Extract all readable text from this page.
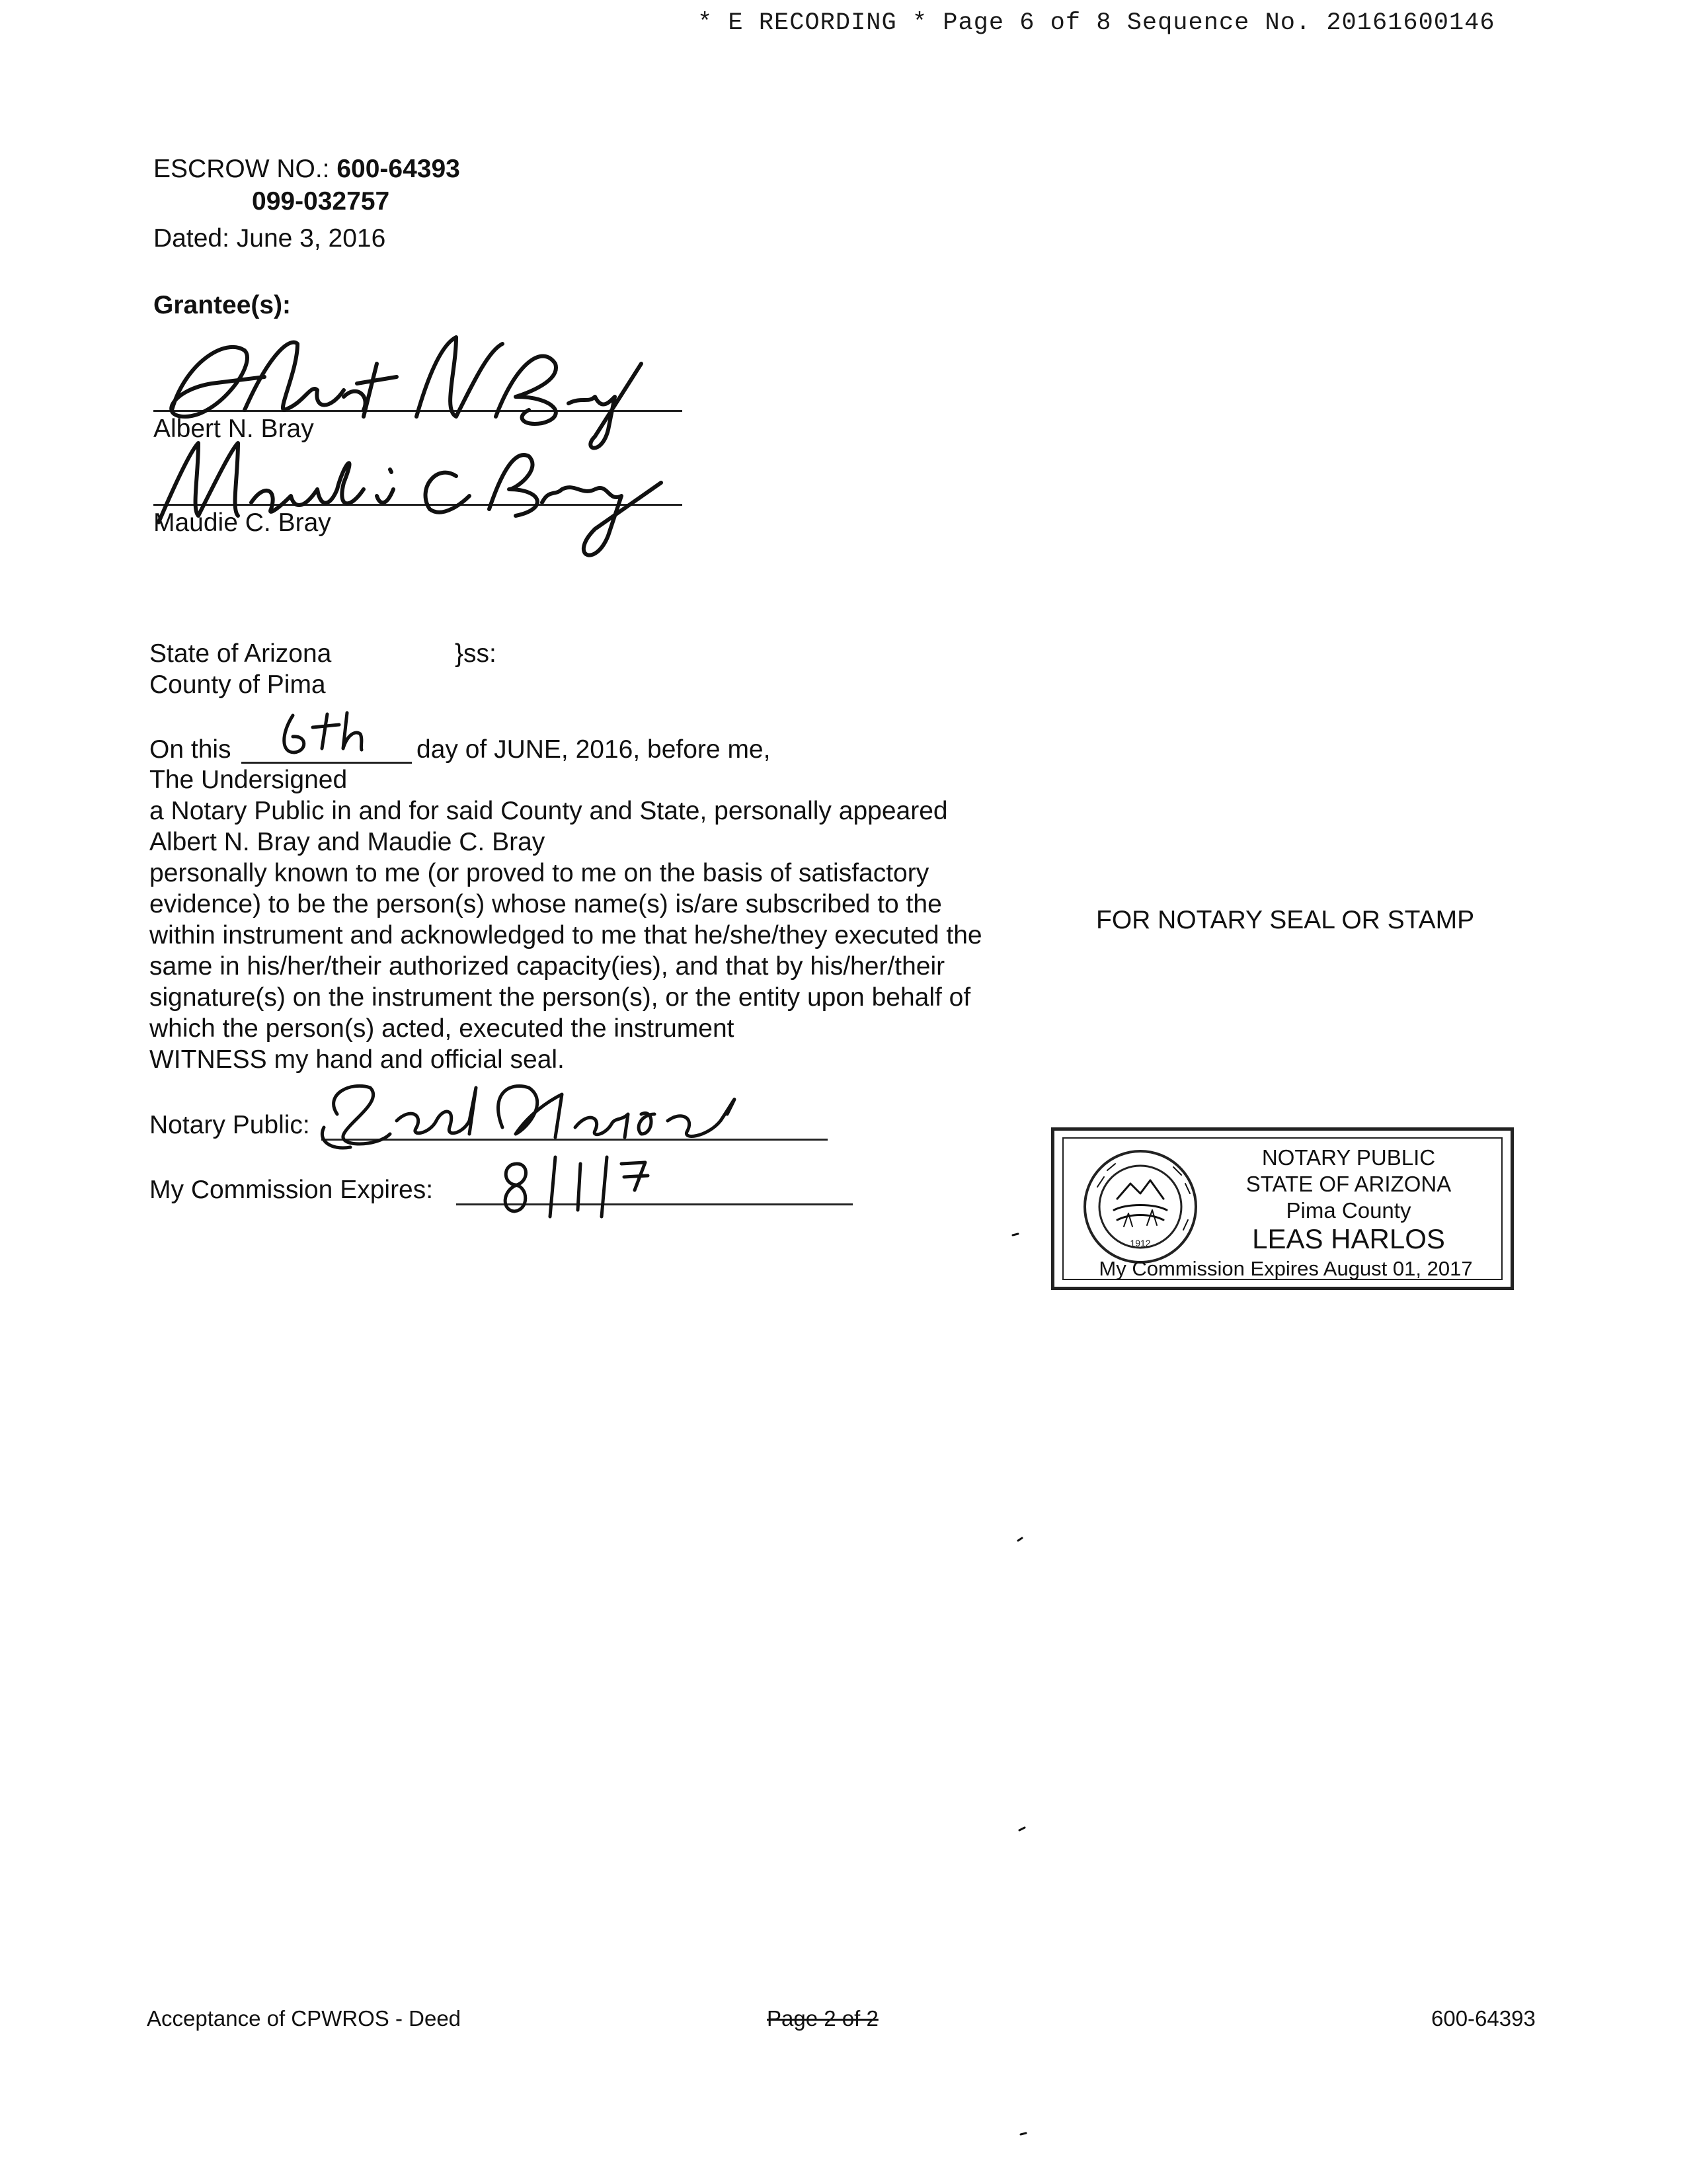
* E RECORDING * Page 6 of 8 Sequence No. 20161600146
ESCROW NO.: 600-64393
099-032757
Dated: June 3, 2016
Grantee(s):
Albert N. Bray
Maudie C. Bray
State of Arizona	}ss:
County of Pima
On this	day of JUNE, 2016, before me,
The Undersigned
a Notary Public in and for said County and State, personally appeared
Albert N. Bray and Maudie C. Bray
personally known to me (or proved to me on the basis of satisfactory
evidence) to be the person(s) whose name(s) is/are subscribed to the
within instrument and acknowledged to me that he/she/they executed the
same in his/her/their authorized capacity(ies), and that by his/her/their
signature(s) on the instrument the person(s), or the entity upon behalf of
which the person(s) acted, executed the instrument
WITNESS my hand and official seal.
FOR NOTARY SEAL OR STAMP
Notary Public:
My Commission Expires:
1912
NOTARY PUBLIC
STATE OF ARIZONA
Pima County
LEAS HARLOS
My Commission Expires August 01, 2017
Acceptance of CPWROS - Deed	Page 2 of 2	600-64393
